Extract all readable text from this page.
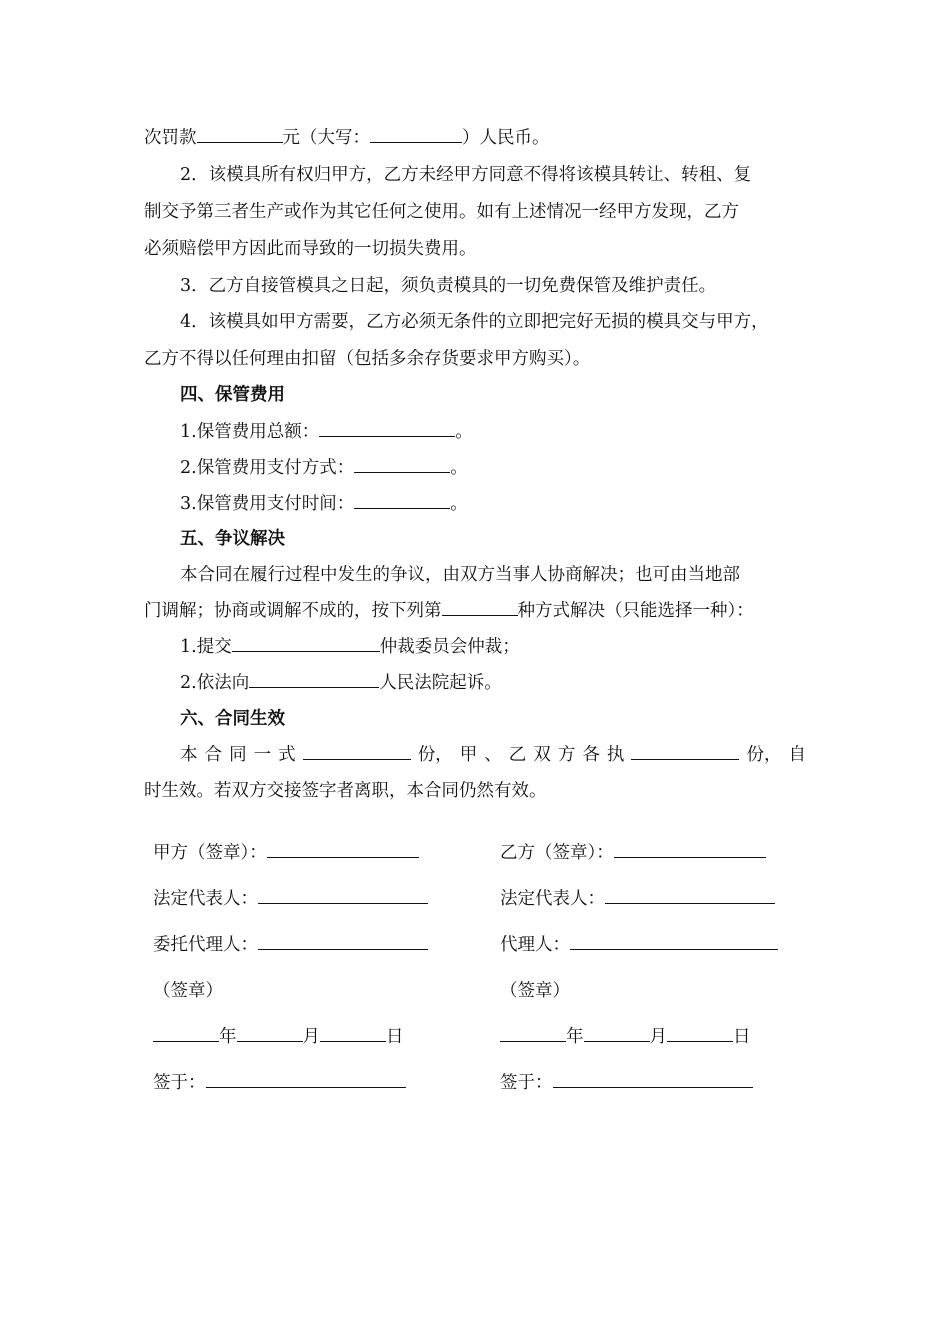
次罚款	元（大写：	）人民币。
2．该模具所有权归甲方，乙方未经甲方同意不得将该模具转让、转租、复
制交予第三者生产或作为其它任何之使用。如有上述情况一经甲方发现，乙方
必须赔偿甲方因此而导致的一切损失费用。
3．乙方自接管模具之日起，须负责模具的一切免费保管及维护责任。
4．该模具如甲方需要，乙方必须无条件的立即把完好无损的模具交与甲方，
乙方不得以任何理由扣留（包括多余存货要求甲方购买）。
四、保管费用
1.保管费用总额：	。
2.保管费用支付方式：	。
3.保管费用支付时间：	。
五、争议解决
本合同在履行过程中发生的争议，由双方当事人协商解决；也可由当地部
门调解；协商或调解不成的，按下列第	种方式解决（只能选择一种）：
1.提交	仲裁委员会仲裁；
2.依法向	人民法院起诉。
六、合同生效
本 合 同 一 式	份， 甲 、 乙 双 方 各 执	份， 自
时生效。若双方交接签字者离职，本合同仍然有效。
甲方（签章）：
法定代表人：
委托代理人：
（签章）
年	月	日
签于：
乙方（签章）：
法定代表人：
代理人：
（签章）
年	月	日
签于：
